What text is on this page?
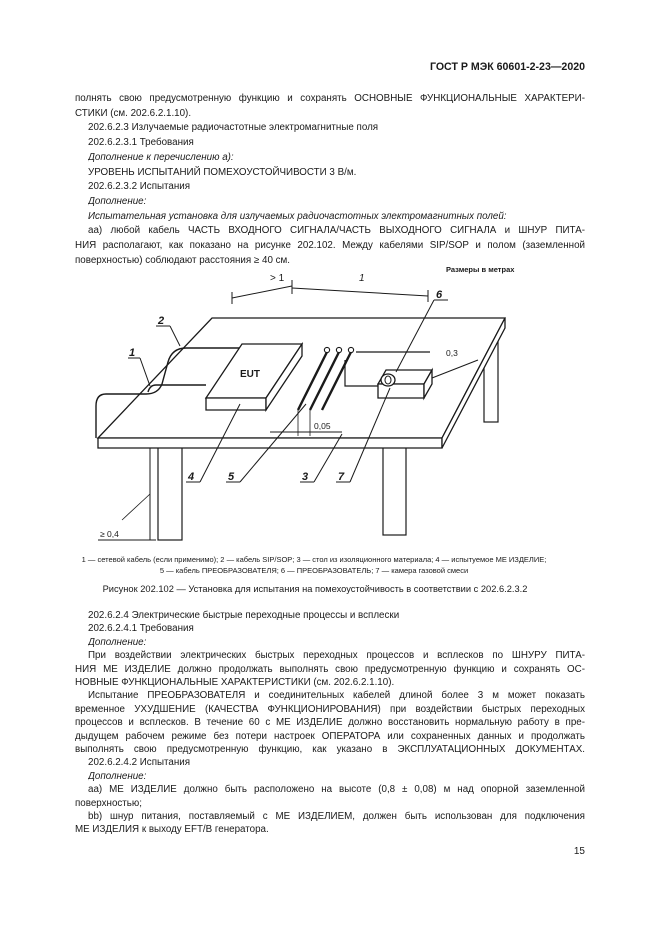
ГОСТ Р МЭК 60601-2-23—2020
полнять свою предусмотренную функцию и сохранять ОСНОВНЫЕ ФУНКЦИОНАЛЬНЫЕ ХАРАКТЕРИ-
СТИКИ (см. 202.6.2.1.10).
202.6.2.3 Излучаемые радиочастотные электромагнитные поля
202.6.2.3.1 Требования
Дополнение к перечислению а):
УРОВЕНЬ ИСПЫТАНИЙ ПОМЕХОУСТОЙЧИВОСТИ 3 В/м.
202.6.2.3.2 Испытания
Дополнение:
Испытательная установка для излучаемых радиочастотных электромагнитных полей:
аа) любой кабель ЧАСТЬ ВХОДНОГО СИГНАЛА/ЧАСТЬ ВЫХОДНОГО СИГНАЛА и ШНУР ПИТА-
НИЯ располагают, как показано на рисунке 202.102. Между кабелями SIP/SOP и полом (заземленной
поверхностью) соблюдают расстояния ≥ 40 см.
Размеры в метрах
EUT
> 1	1
0,3
0,05
≥ 0,4
1
2
6
4	5	3	7
1 — сетевой кабель (если применимо); 2 — кабель SIP/SOP; 3 — стол из изоляционного материала; 4 — испытуемое МЕ ИЗДЕЛИЕ;
5 — кабель ПРЕОБРАЗОВАТЕЛЯ; 6 — ПРЕОБРАЗОВАТЕЛЬ; 7 — камера газовой смеси
Рисунок 202.102 — Установка для испытания на помехоустойчивость в соответствии с 202.6.2.3.2
202.6.2.4 Электрические быстрые переходные процессы и всплески
202.6.2.4.1 Требования
Дополнение:
При воздействии электрических быстрых переходных процессов и всплесков по ШНУРУ ПИТА-
НИЯ МЕ ИЗДЕЛИЕ должно продолжать выполнять свою предусмотренную функцию и сохранять ОС-
НОВНЫЕ ФУНКЦИОНАЛЬНЫЕ ХАРАКТЕРИСТИКИ (см. 202.6.2.1.10).
Испытание ПРЕОБРАЗОВАТЕЛЯ и соединительных кабелей длиной более 3 м может показать
временное УХУДШЕНИЕ (КАЧЕСТВА ФУНКЦИОНИРОВАНИЯ) при воздействии быстрых переходных
процессов и всплесков. В течение 60 с МЕ ИЗДЕЛИЕ должно восстановить нормальную работу в пре-
дыдущем рабочем режиме без потери настроек ОПЕРАТОРА или сохраненных данных и продолжать
выполнять свою предусмотренную функцию, как указано в ЭКСПЛУАТАЦИОННЫХ ДОКУМЕНТАХ.
202.6.2.4.2 Испытания
Дополнение:
аа) МЕ ИЗДЕЛИЕ должно быть расположено на высоте (0,8 ± 0,08) м над опорной заземленной
поверхностью;
bb) шнур питания, поставляемый с МЕ ИЗДЕЛИЕМ, должен быть использован для подключения
МЕ ИЗДЕЛИЯ к выходу EFT/B генератора.
15
